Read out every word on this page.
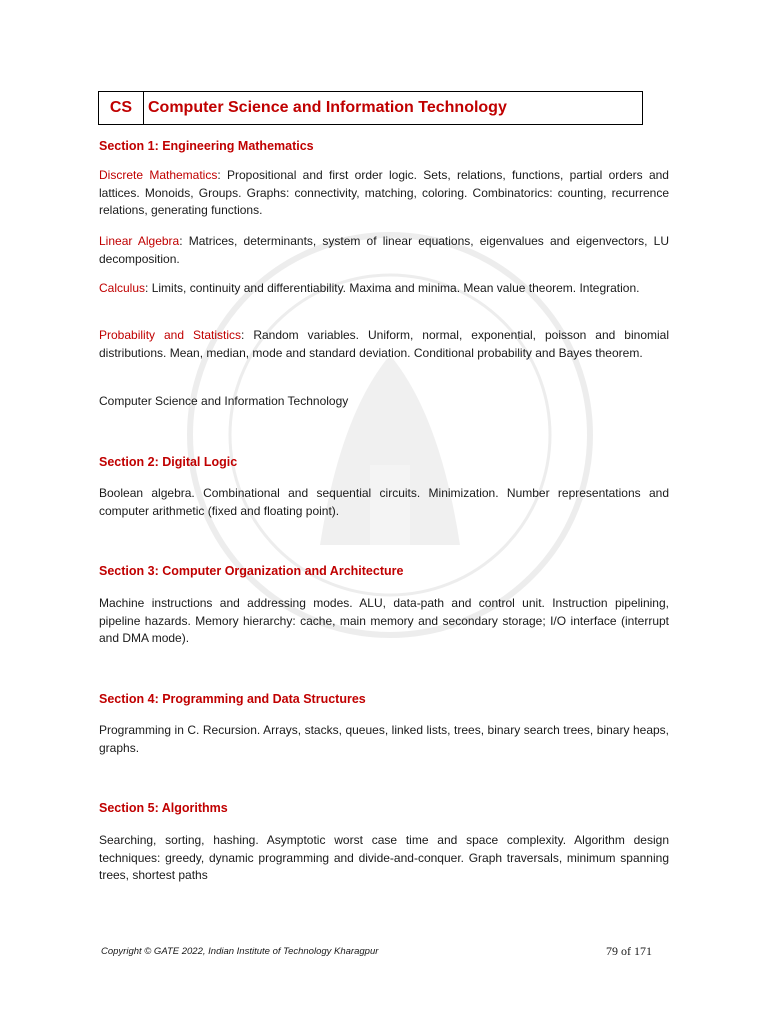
CS Computer Science and Information Technology

Section 1: Engineering Mathematics

Discrete Mathematics: Propositional and first order logic. Sets, relations, functions, partial orders and lattices. Monoids, Groups. Graphs: connectivity, matching, coloring. Combinatorics: counting, recurrence relations, generating functions.

Linear Algebra: Matrices, determinants, system of linear equations, eigenvalues and eigenvectors, LU decomposition.

Calculus: Limits, continuity and differentiability. Maxima and minima. Mean value theorem. Integration.

Probability and Statistics: Random variables. Uniform, normal, exponential, poisson and binomial distributions. Mean, median, mode and standard deviation. Conditional probability and Bayes theorem.

Computer Science and Information Technology

Section 2: Digital Logic

Boolean algebra. Combinational and sequential circuits. Minimization. Number representations and computer arithmetic (fixed and floating point).

Section 3: Computer Organization and Architecture

Machine instructions and addressing modes. ALU, data-path and control unit. Instruction pipelining, pipeline hazards. Memory hierarchy: cache, main memory and secondary storage; I/O interface (interrupt and DMA mode).

Section 4: Programming and Data Structures

Programming in C. Recursion. Arrays, stacks, queues, linked lists, trees, binary search trees, binary heaps, graphs.

Section 5: Algorithms

Searching, sorting, hashing. Asymptotic worst case time and space complexity. Algorithm design techniques: greedy, dynamic programming and divide-and-conquer. Graph traversals, minimum spanning trees, shortest paths

Copyright © GATE 2022, Indian Institute of Technology Kharagpur	79 of 171
